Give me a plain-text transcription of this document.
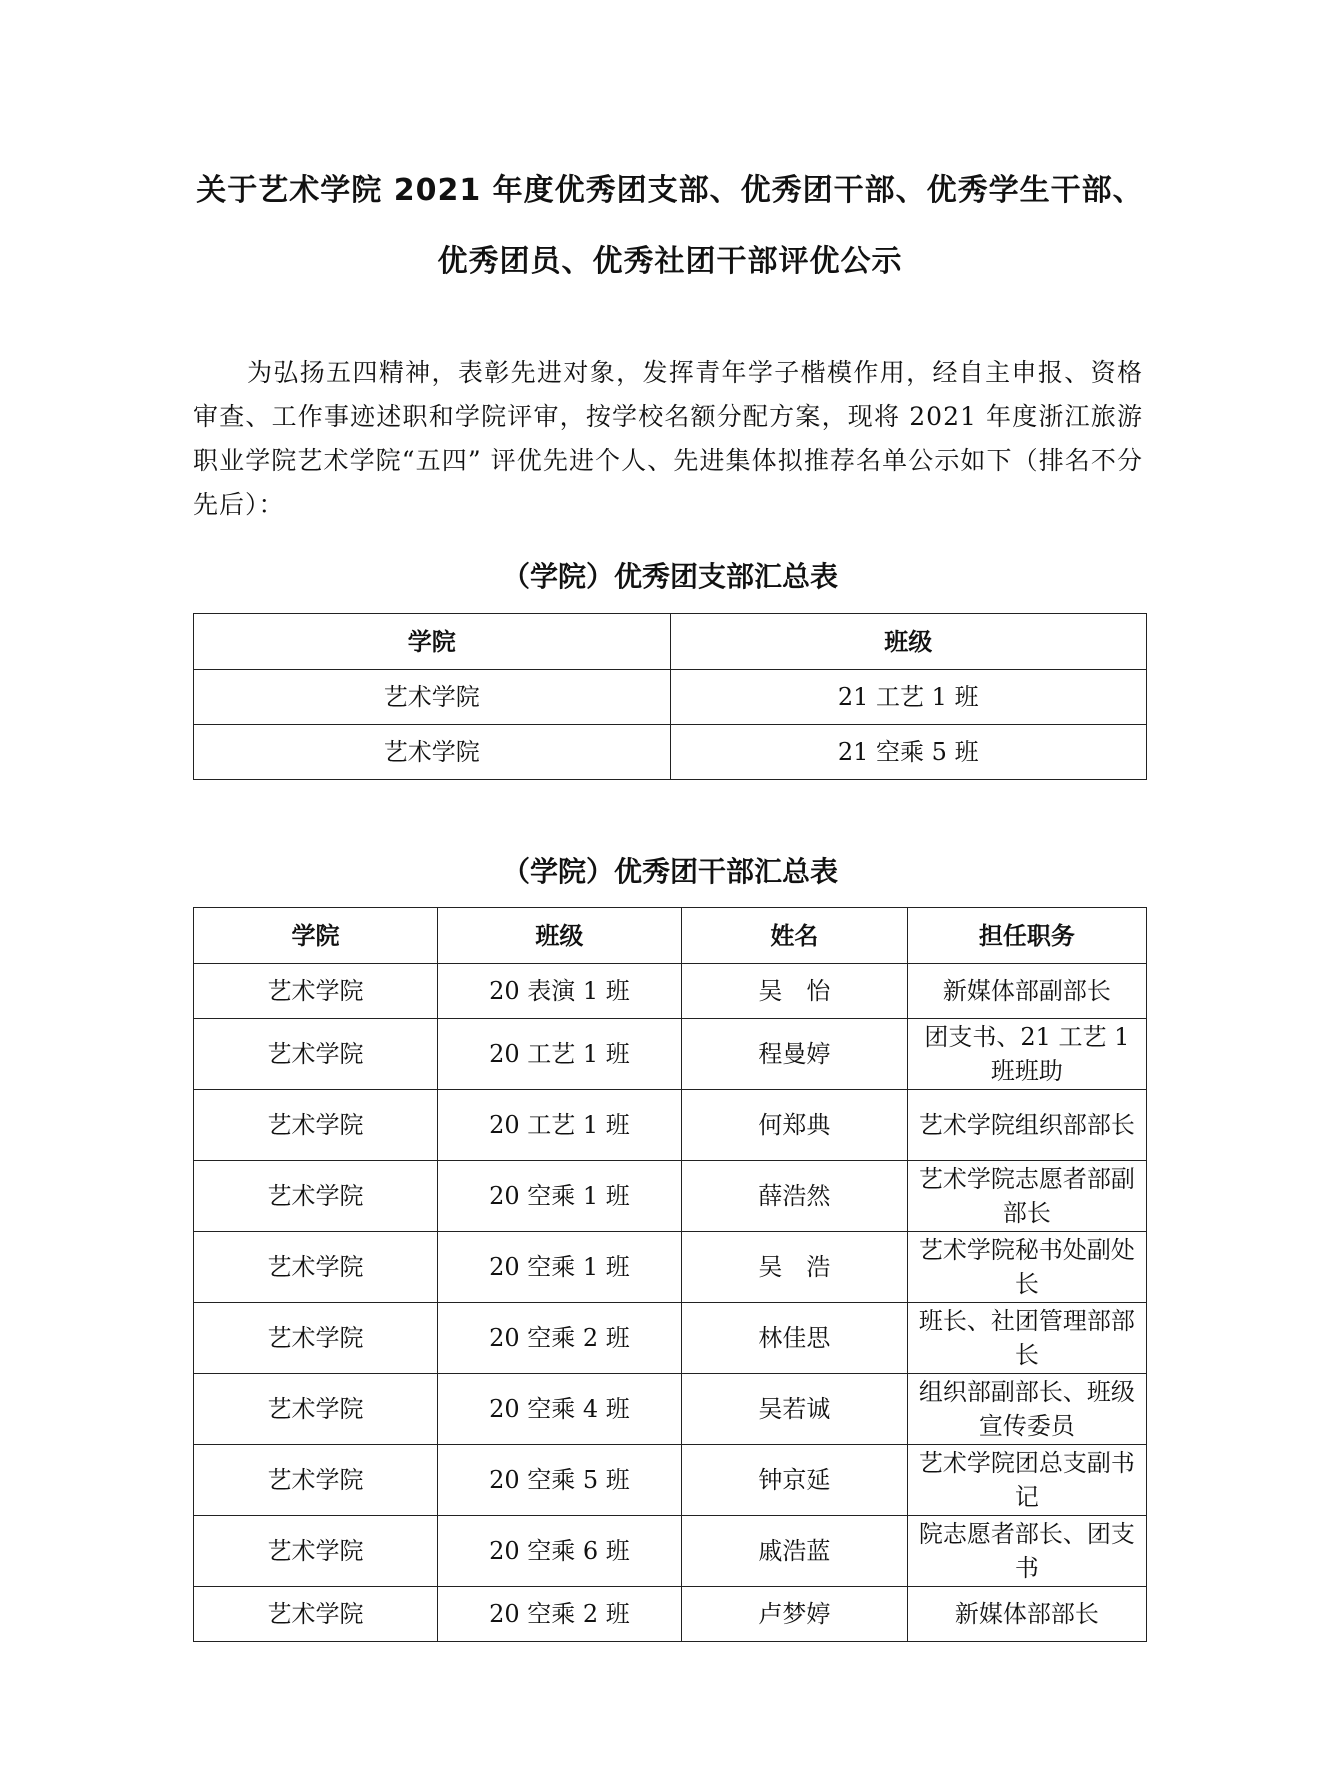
关于艺术学院 2021 年度优秀团支部、优秀团干部、优秀学生干部、
优秀团员、优秀社团干部评优公示

为弘扬五四精神，表彰先进对象，发挥青年学子楷模作用，经自主申报、资格审查、工作事迹述职和学院评审，按学校名额分配方案，现将 2021 年度浙江旅游职业学院艺术学院“五四” 评优先进个人、先进集体拟推荐名单公示如下（排名不分先后）：

（学院）优秀团支部汇总表
学院	班级
艺术学院	21 工艺 1 班
艺术学院	21 空乘 5 班
（学院）优秀团干部汇总表
学院	班级	姓名	担任职务
艺术学院	20 表演 1 班	吴　怡	新媒体部副部长
艺术学院	20 工艺 1 班	程曼婷	团支书、21 工艺 1 班班助
艺术学院	20 工艺 1 班	何郑典	艺术学院组织部部长
艺术学院	20 空乘 1 班	薛浩然	艺术学院志愿者部副部长
艺术学院	20 空乘 1 班	吴　浩	艺术学院秘书处副处长
艺术学院	20 空乘 2 班	林佳思	班长、社团管理部部长
艺术学院	20 空乘 4 班	吴若诚	组织部副部长、班级宣传委员
艺术学院	20 空乘 5 班	钟京延	艺术学院团总支副书记
艺术学院	20 空乘 6 班	戚浩蓝	院志愿者部长、团支书
艺术学院	20 空乘 2 班	卢梦婷	新媒体部部长
